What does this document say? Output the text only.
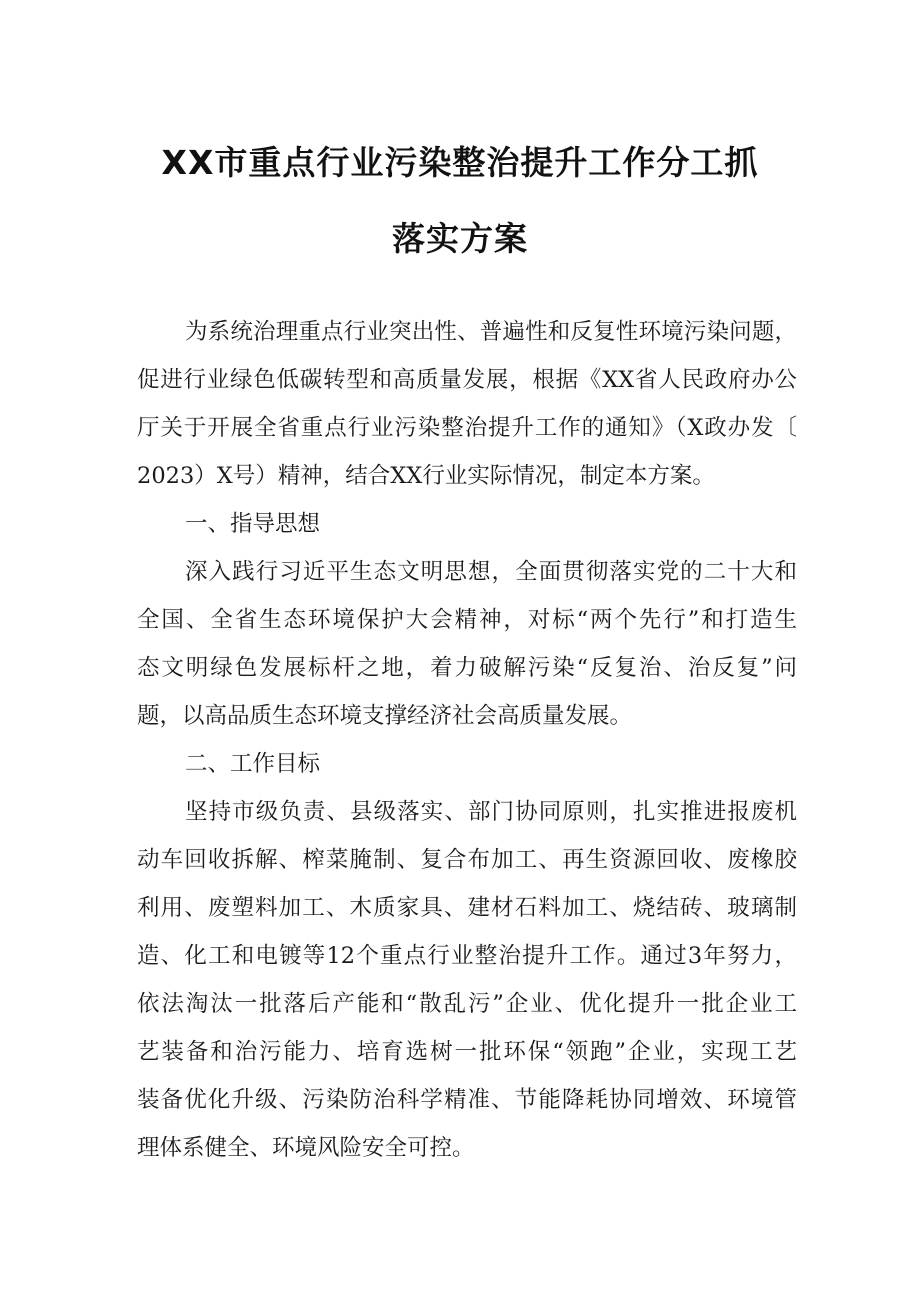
XX市重点行业污染整治提升工作分工抓
落实方案

为系统治理重点行业突出性、普遍性和反复性环境污染问题，

促进行业绿色低碳转型和高质量发展，根据《XX省人民政府办公

厅关于开展全省重点行业污染整治提升工作的通知》（X政办发〔

2023）X号）精神，结合XX行业实际情况，制定本方案。

一、指导思想

深入践行习近平生态文明思想，全面贯彻落实党的二十大和

全国、全省生态环境保护大会精神，对标“两个先行”和打造生

态文明绿色发展标杆之地，着力破解污染“反复治、治反复”问

题，以高品质生态环境支撑经济社会高质量发展。

二、工作目标

坚持市级负责、县级落实、部门协同原则，扎实推进报废机

动车回收拆解、榨菜腌制、复合布加工、再生资源回收、废橡胶

利用、废塑料加工、木质家具、建材石料加工、烧结砖、玻璃制

造、化工和电镀等12个重点行业整治提升工作。通过3年努力，

依法淘汰一批落后产能和“散乱污”企业、优化提升一批企业工

艺装备和治污能力、培育选树一批环保“领跑”企业，实现工艺

装备优化升级、污染防治科学精准、节能降耗协同增效、环境管

理体系健全、环境风险安全可控。
